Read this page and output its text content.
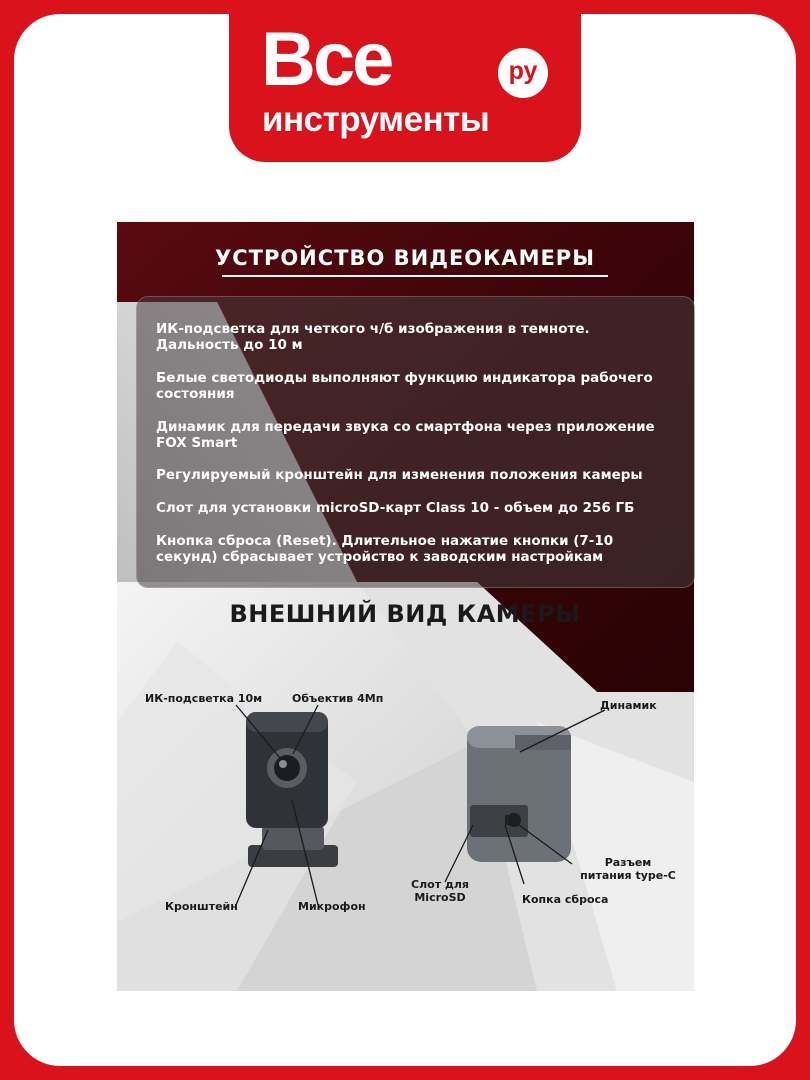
Все
инструменты
ру
УСТРОЙСТВО ВИДЕОКАМЕРЫ
ИК-подсветка для четкого ч/б изображения в темноте. Дальность до 10 м
Белые светодиоды выполняют функцию индикатора рабочего состояния
Динамик для передачи звука со смартфона через приложение FOX Smart
Регулируемый кронштейн для изменения положения камеры
Слот для установки microSD-карт Class 10 - объем до 256 ГБ
Кнопка сброса (Reset). Длительное нажатие кнопки (7-10 секунд) сбрасывает устройство к заводским настройкам
ВНЕШНИЙ ВИД КАМЕРЫ
ИК-подсветка 10м	Объектив 4Мп
Кронштейн	Микрофон
Динамик
Разъем питания type-C
Копка сброса
Слот для MicroSD
